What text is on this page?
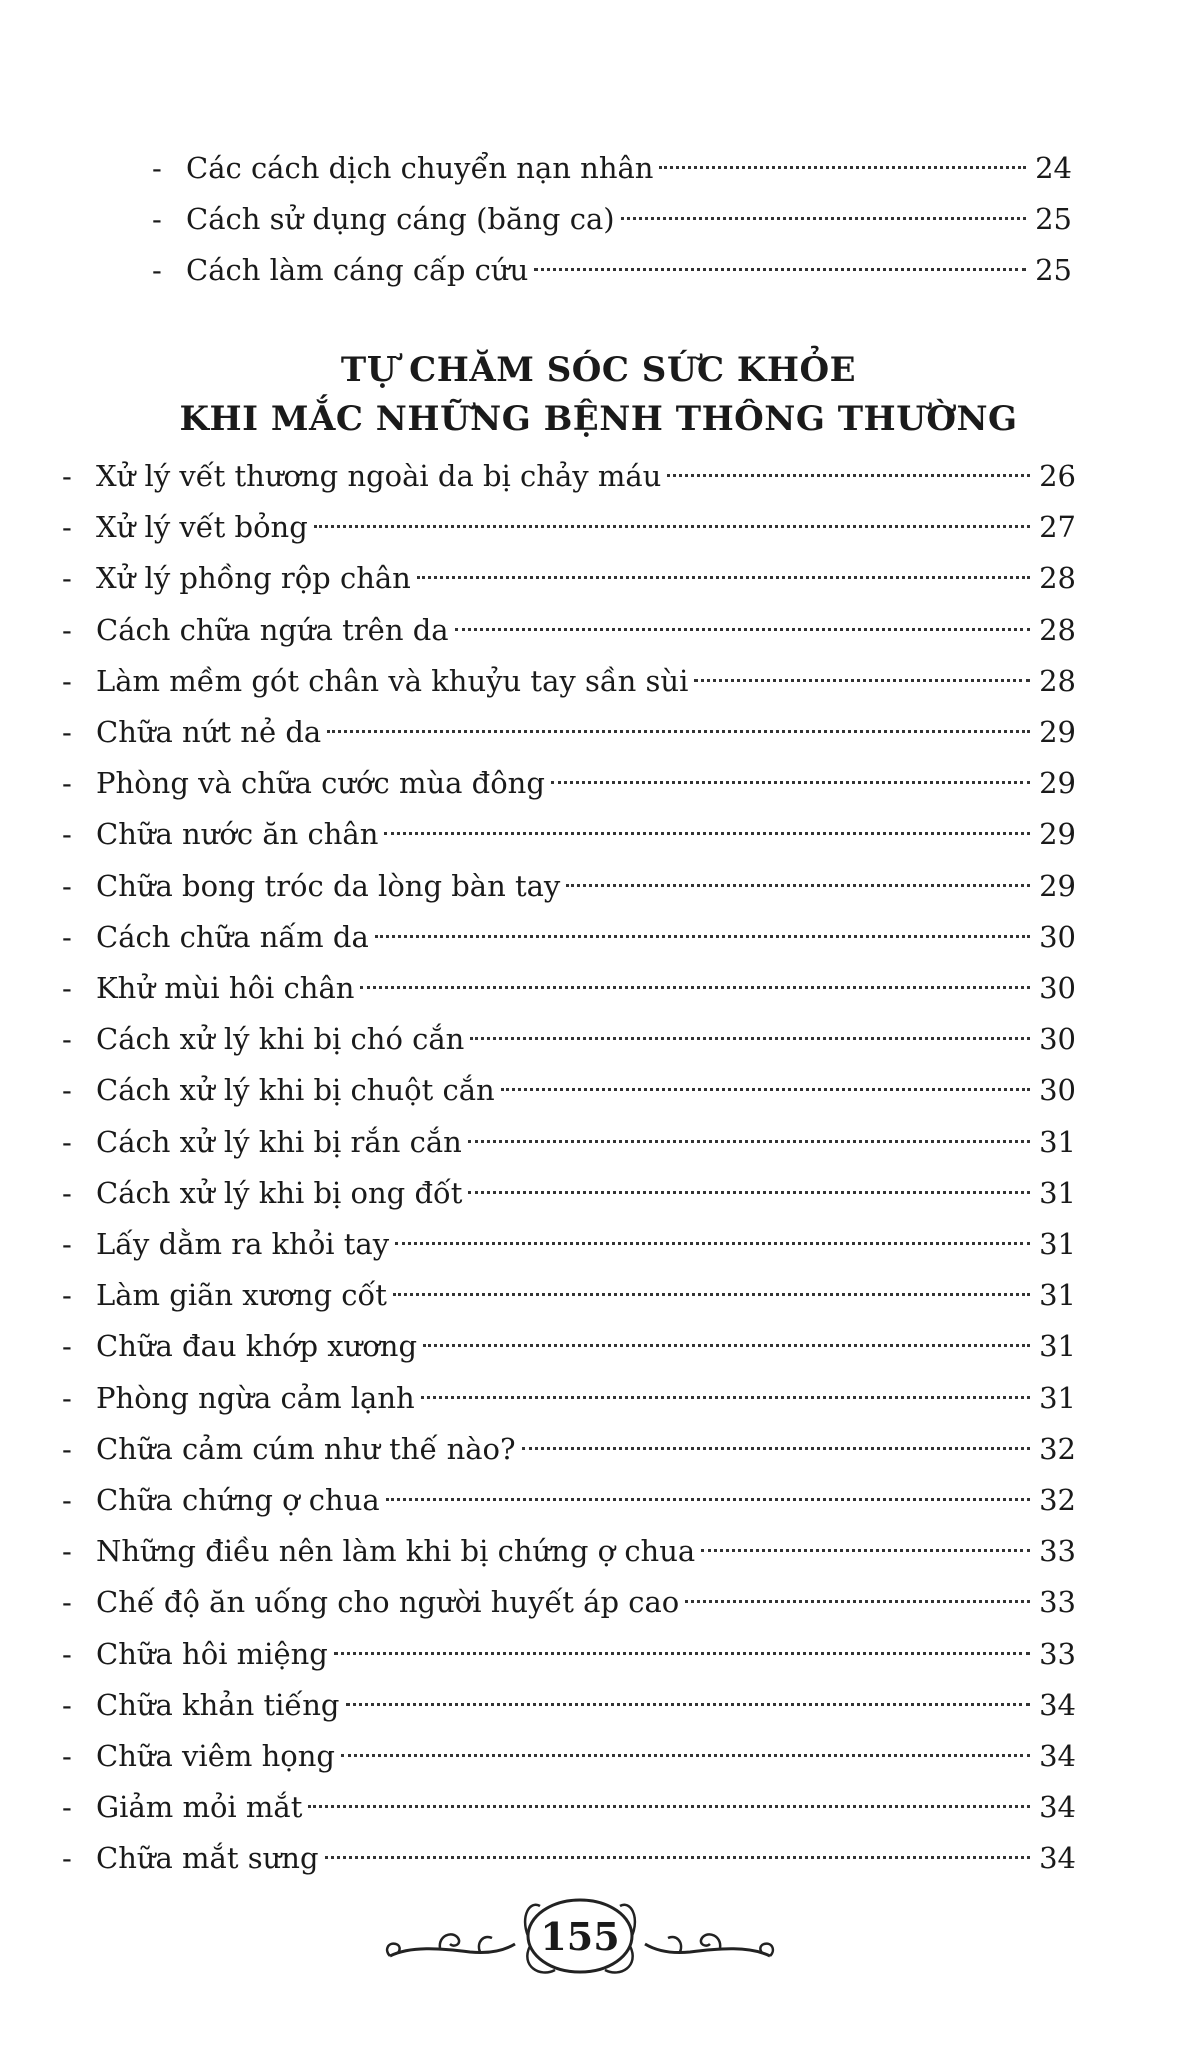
- Các cách dịch chuyển nạn nhân	24
- Cách sử dụng cáng (băng ca)	25
- Cách làm cáng cấp cứu	25
TỰ CHĂM SÓC SỨC KHỎE
KHI MẮC NHỮNG BỆNH THÔNG THƯỜNG
- Xử lý vết thương ngoài da bị chảy máu	26
- Xử lý vết bỏng	27
- Xử lý phồng rộp chân	28
- Cách chữa ngứa trên da	28
- Làm mềm gót chân và khuỷu tay sần sùi	28
- Chữa nứt nẻ da	29
- Phòng và chữa cước mùa đông	29
- Chữa nước ăn chân	29
- Chữa bong tróc da lòng bàn tay	29
- Cách chữa nấm da	30
- Khử mùi hôi chân	30
- Cách xử lý khi bị chó cắn	30
- Cách xử lý khi bị chuột cắn	30
- Cách xử lý khi bị rắn cắn	31
- Cách xử lý khi bị ong đốt	31
- Lấy dằm ra khỏi tay	31
- Làm giãn xương cốt	31
- Chữa đau khớp xương	31
- Phòng ngừa cảm lạnh	31
- Chữa cảm cúm như thế nào?	32
- Chữa chứng ợ chua	32
- Những điều nên làm khi bị chứng ợ chua	33
- Chế độ ăn uống cho người huyết áp cao	33
- Chữa hôi miệng	33
- Chữa khản tiếng	34
- Chữa viêm họng	34
- Giảm mỏi mắt	34
- Chữa mắt sưng	34
155
